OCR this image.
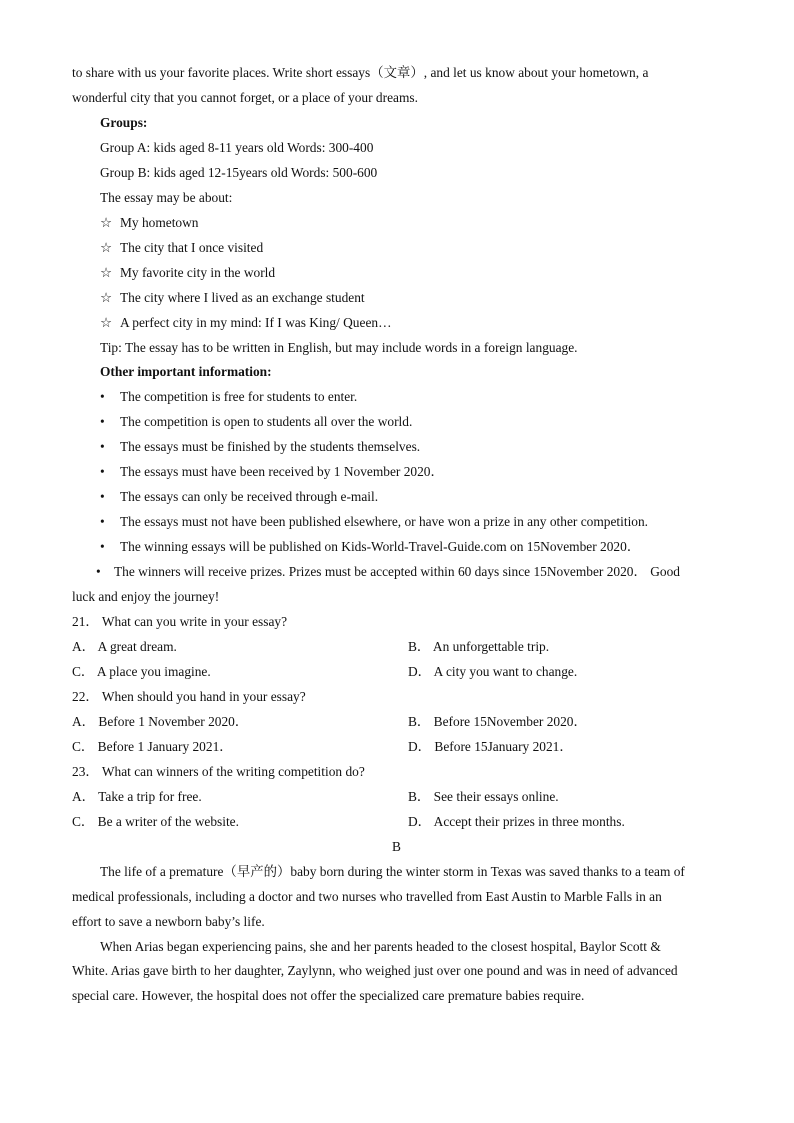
to share with us your favorite places. Write short essays（文章）, and let us know about your hometown, a
wonderful city that you cannot forget, or a place of your dreams.
Groups:
Group A: kids aged 8-11 years old Words: 300-400
Group B: kids aged 12-15years old Words: 500-600
The essay may be about:
☆ My hometown
☆ The city that I once visited
☆ My favorite city in the world
☆ The city where I lived as an exchange student
☆ A perfect city in my mind: If I was King/ Queen…
Tip: The essay has to be written in English, but may include words in a foreign language.
Other important information:
• The competition is free for students to enter.
• The competition is open to students all over the world.
• The essays must be finished by the students themselves.
• The essays must have been received by 1 November 2020．
• The essays can only be received through e-mail.
• The essays must not have been published elsewhere, or have won a prize in any other competition.
• The winning essays will be published on Kids-World-Travel-Guide.com on 15November 2020．
• The winners will receive prizes. Prizes must be accepted within 60 days since 15November 2020． Good
luck and enjoy the journey!
21． What can you write in your essay?
A． A great dream.	B． An unforgettable trip.
C． A place you imagine.	D． A city you want to change.
22． When should you hand in your essay?
A． Before 1 November 2020．	B． Before 15November 2020．
C． Before 1 January 2021．	D． Before 15January 2021．
23． What can winners of the writing competition do?
A． Take a trip for free.	B． See their essays online.
C． Be a writer of the website.	D． Accept their prizes in three months.
B
The life of a premature（早产的）baby born during the winter storm in Texas was saved thanks to a team of
medical professionals, including a doctor and two nurses who travelled from East Austin to Marble Falls in an
effort to save a newborn baby’s life.
When Arias began experiencing pains, she and her parents headed to the closest hospital, Baylor Scott &
White. Arias gave birth to her daughter, Zaylynn, who weighed just over one pound and was in need of advanced
special care. However, the hospital does not offer the specialized care premature babies require.
